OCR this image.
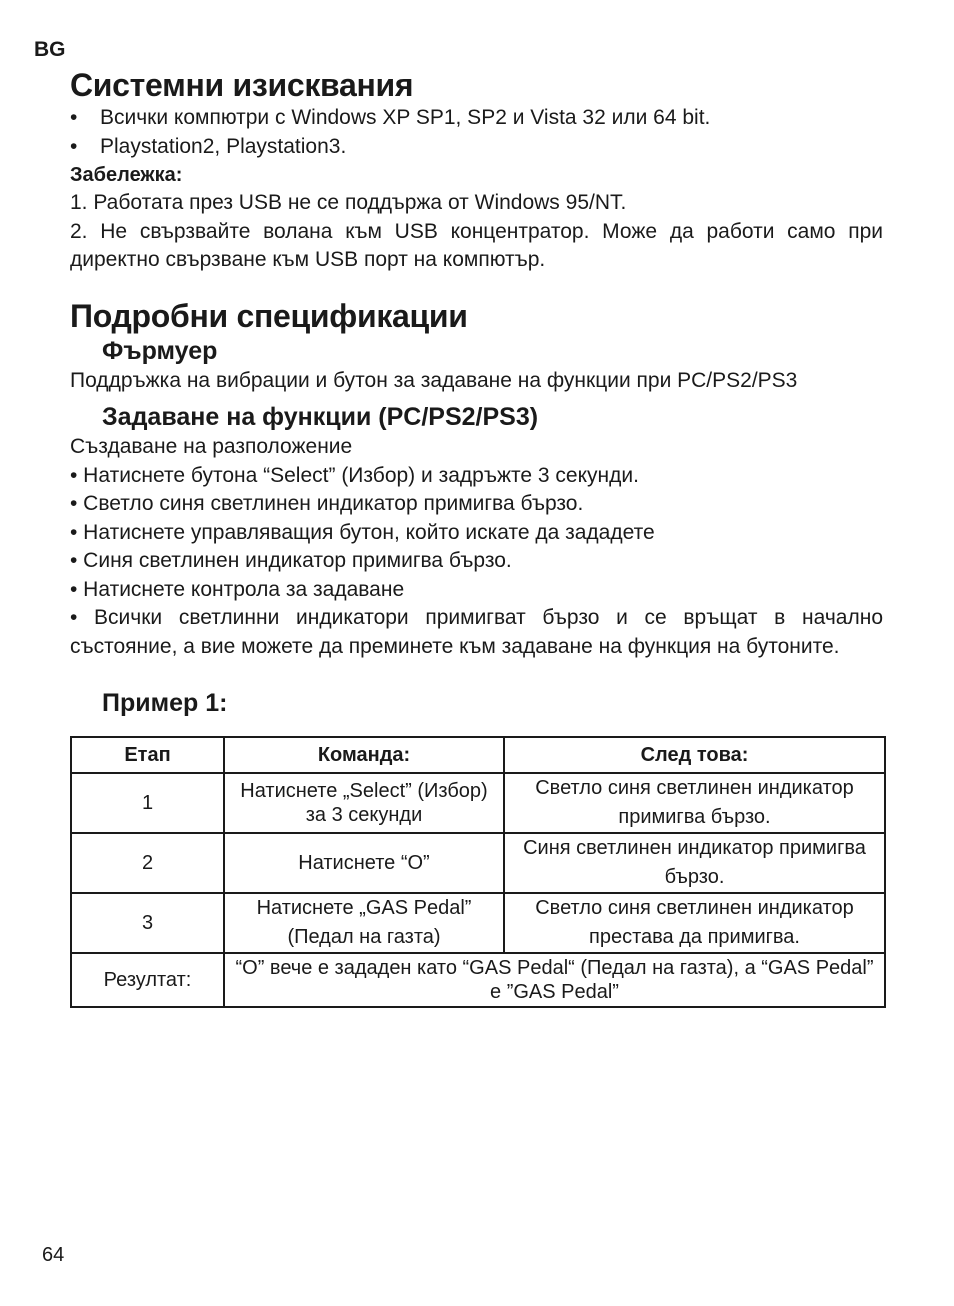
BG
Системни изисквания
• Всички компютри с Windows XP SP1, SP2 и Vista 32 или 64 bit.
• Playstation2, Playstation3.
Забележка:

1. Работата през USB не се поддържа от Windows 95/NT.

2. Не свързвайте волана към USB концентратор. Може да работи само при директно свързване към USB порт на компютър.

Подробни спецификации
Фърмуер

Поддръжка на вибрации и бутон за задаване на функции при PC/PS2/PS3

Задаване на функции (PC/PS2/PS3)

Създаване на разположение

• Натиснете бутона “Select” (Избор) и задръжте 3 секунди.

• Светло синя светлинен индикатор примигва бързо.

• Натиснете управляващия бутон, който искате да зададете

• Синя светлинен индикатор примигва бързо.

• Натиснете контрола за задаване

• Всички светлинни индикатори примигват бързо и се връщат в начално състояние, а вие можете да преминете към задаване на функция на бутоните.

Пример 1:
Етап	Команда:	След това:
1	Натиснете „Select” (Избор) за 3 секунди	Светло синя светлинен индикатор примигва бързо.
2	Натиснете “O”	Синя светлинен индикатор примигва бързо.
3	Натиснете „GAS Pedal” (Педал на газта)	Светло синя светлинен индикатор престава да примигва.
Резултат:	“O” вече е зададен като “GAS Pedal“ (Педал на газта), а “GAS Pedal” е ”GAS Pedal”	
64
